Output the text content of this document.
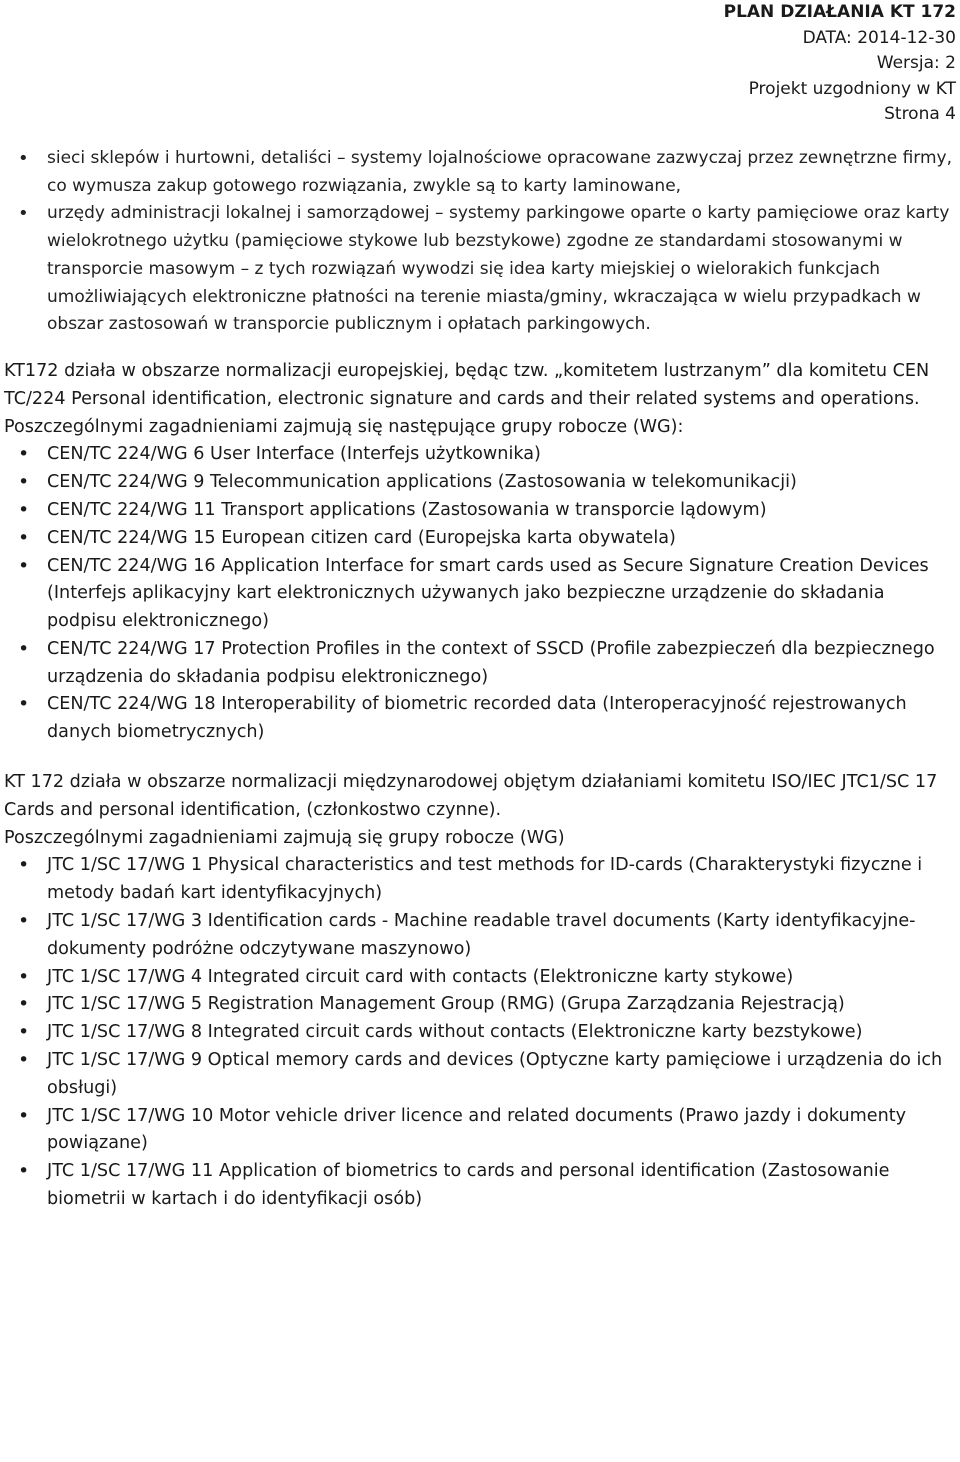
PLAN DZIAŁANIA KT 172
DATA: 2014-12-30
Wersja: 2
Projekt uzgodniony w KT
Strona 4
• sieci sklepów i hurtowni, detaliści – systemy lojalnościowe opracowane zazwyczaj przez zewnętrzne firmy, co wymusza zakup gotowego rozwiązania, zwykle są to karty laminowane,
• urzędy administracji lokalnej i samorządowej – systemy parkingowe oparte o karty pamięciowe oraz karty wielokrotnego użytku (pamięciowe stykowe lub bezstykowe) zgodne ze standardami stosowanymi w transporcie masowym – z tych rozwiązań wywodzi się idea karty miejskiej o wielorakich funkcjach umożliwiających elektroniczne płatności na terenie miasta/gminy, wkraczająca w wielu przypadkach w obszar zastosowań w transporcie publicznym i opłatach parkingowych.

KT172 działa w obszarze normalizacji europejskiej, będąc tzw. „komitetem lustrzanym” dla komitetu CEN TC/224 Personal identification, electronic signature and cards and their related systems and operations.

Poszczególnymi zagadnieniami zajmują się następujące grupy robocze (WG):

• CEN/TC 224/WG 6 User Interface (Interfejs użytkownika)
• CEN/TC 224/WG 9 Telecommunication applications (Zastosowania w telekomunikacji)
• CEN/TC 224/WG 11 Transport applications (Zastosowania w transporcie lądowym)
• CEN/TC 224/WG 15 European citizen card (Europejska karta obywatela)
• CEN/TC 224/WG 16 Application Interface for smart cards used as Secure Signature Creation Devices (Interfejs aplikacyjny kart elektronicznych używanych jako bezpieczne urządzenie do składania podpisu elektronicznego)
• CEN/TC 224/WG 17 Protection Profiles in the context of SSCD (Profile zabezpieczeń dla bezpiecznego urządzenia do składania podpisu elektronicznego)
• CEN/TC 224/WG 18 Interoperability of biometric recorded data (Interoperacyjność rejestrowanych danych biometrycznych)

KT 172 działa w obszarze normalizacji międzynarodowej objętym działaniami komitetu ISO/IEC JTC1/SC 17 Cards and personal identification, (członkostwo czynne).

Poszczególnymi zagadnieniami zajmują się grupy robocze (WG)

• JTC 1/SC 17/WG 1 Physical characteristics and test methods for ID-cards (Charakterystyki fizyczne i metody badań kart identyfikacyjnych)
• JTC 1/SC 17/WG 3 Identification cards - Machine readable travel documents (Karty identyfikacyjne- dokumenty podróżne odczytywane maszynowo)
• JTC 1/SC 17/WG 4 Integrated circuit card with contacts (Elektroniczne karty stykowe)
• JTC 1/SC 17/WG 5 Registration Management Group (RMG) (Grupa Zarządzania Rejestracją)
• JTC 1/SC 17/WG 8 Integrated circuit cards without contacts (Elektroniczne karty bezstykowe)
• JTC 1/SC 17/WG 9 Optical memory cards and devices (Optyczne karty pamięciowe i urządzenia do ich obsługi)
• JTC 1/SC 17/WG 10 Motor vehicle driver licence and related documents (Prawo jazdy i dokumenty powiązane)
• JTC 1/SC 17/WG 11 Application of biometrics to cards and personal identification (Zastosowanie biometrii w kartach i do identyfikacji osób)
